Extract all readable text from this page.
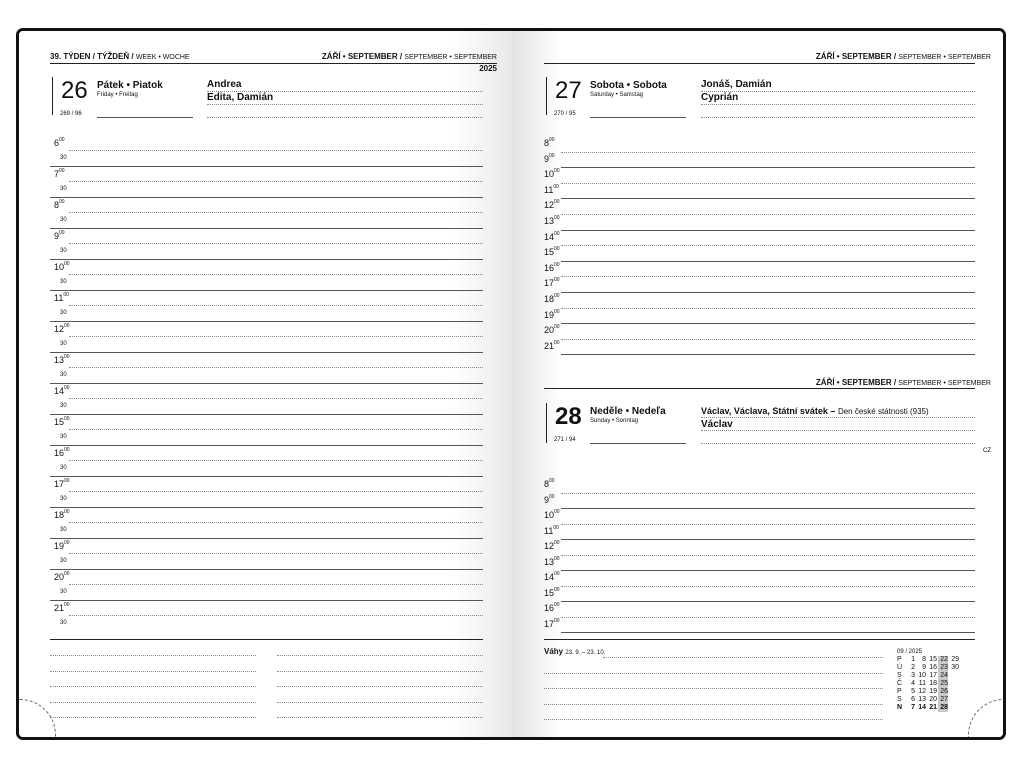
39. TÝDEN / TÝŽDEŇ / WEEK • WOCHE	ZÁŘÍ • SEPTEMBER / SEPTEMBER • SEPTEMBER
2025
26 Pátek • Piatok
Friday • Freitag
269 / 96
Andrea
Edita, Damián
$6^{00}$
30
$7^{00}$
30
$8^{00}$
30
$9^{00}$
30
$10^{00}$
30
$11^{00}$
30
$12^{00}$
30
$13^{00}$
30
$14^{00}$
30
$15^{00}$
30
$16^{00}$
30
$17^{00}$
30
$18^{00}$
30
$19^{00}$
30
$20^{00}$
30
$21^{00}$
30
ZÁŘÍ • SEPTEMBER / SEPTEMBER • SEPTEMBER
27 Sobota • Sobota
Saturday • Samstag
270 / 95
Jonáš, Damián
Cyprián
$8^{00}$
$9^{00}$
$10^{00}$
$11^{00}$
$12^{00}$
$13^{00}$
$14^{00}$
$15^{00}$
$16^{00}$
$17^{00}$
$18^{00}$
$19^{00}$
$20^{00}$
$21^{00}$
ZÁŘÍ • SEPTEMBER / SEPTEMBER • SEPTEMBER
28 Neděle • Nedeľa
Sunday • Sonntag
271 / 94
Václav, Václava, Státní svátek – Den české státnosti (935)
Václav
CZ
$8^{00}$
$9^{00}$
$10^{00}$
$11^{00}$
$12^{00}$
$13^{00}$
$14^{00}$
$15^{00}$
$16^{00}$
$17^{00}$
Váhy 23. 9. – 23. 10.	09 / 2025
P	1	8 15 22 29
Ú	2	9 16 23 30
S	3 10 17 24
Č	4 11 18 25
P	5 12 19 26
S	6 13 20 27
N	7 14 21 28
